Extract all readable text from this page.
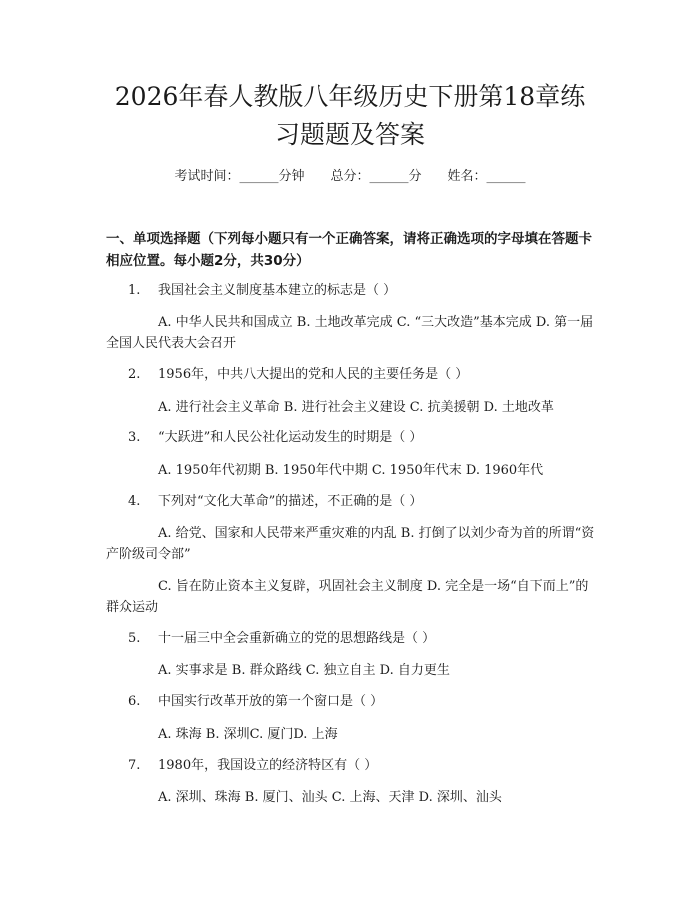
2026年春人教版八年级历史下册第18章练
习题题及答案
考试时间：______分钟 总分：______分 姓名：______
一、单项选择题（下列每小题只有一个正确答案，请将正确选项的字母填在答题卡相应位置。每小题2分，共30分）
1. 我国社会主义制度基本建立的标志是（ ）
A. 中华人民共和国成立 B. 土地改革完成 C. “三大改造”基本完成 D. 第一届全国人民代表大会召开
2. 1956年，中共八大提出的党和人民的主要任务是（ ）
A. 进行社会主义革命 B. 进行社会主义建设 C. 抗美援朝 D. 土地改革
3. “大跃进”和人民公社化运动发生的时期是（ ）
A. 1950年代初期 B. 1950年代中期 C. 1950年代末 D. 1960年代
4. 下列对“文化大革命”的描述，不正确的是（ ）
A. 给党、国家和人民带来严重灾难的内乱 B. 打倒了以刘少奇为首的所谓“资产阶级司令部”
C. 旨在防止资本主义复辟，巩固社会主义制度 D. 完全是一场“自下而上”的群众运动
5. 十一届三中全会重新确立的党的思想路线是（ ）
A. 实事求是 B. 群众路线 C. 独立自主 D. 自力更生
6. 中国实行改革开放的第一个窗口是（ ）
A. 珠海 B. 深圳C. 厦门D. 上海
7. 1980年，我国设立的经济特区有（ ）
A. 深圳、珠海 B. 厦门、汕头 C. 上海、天津 D. 深圳、汕头
